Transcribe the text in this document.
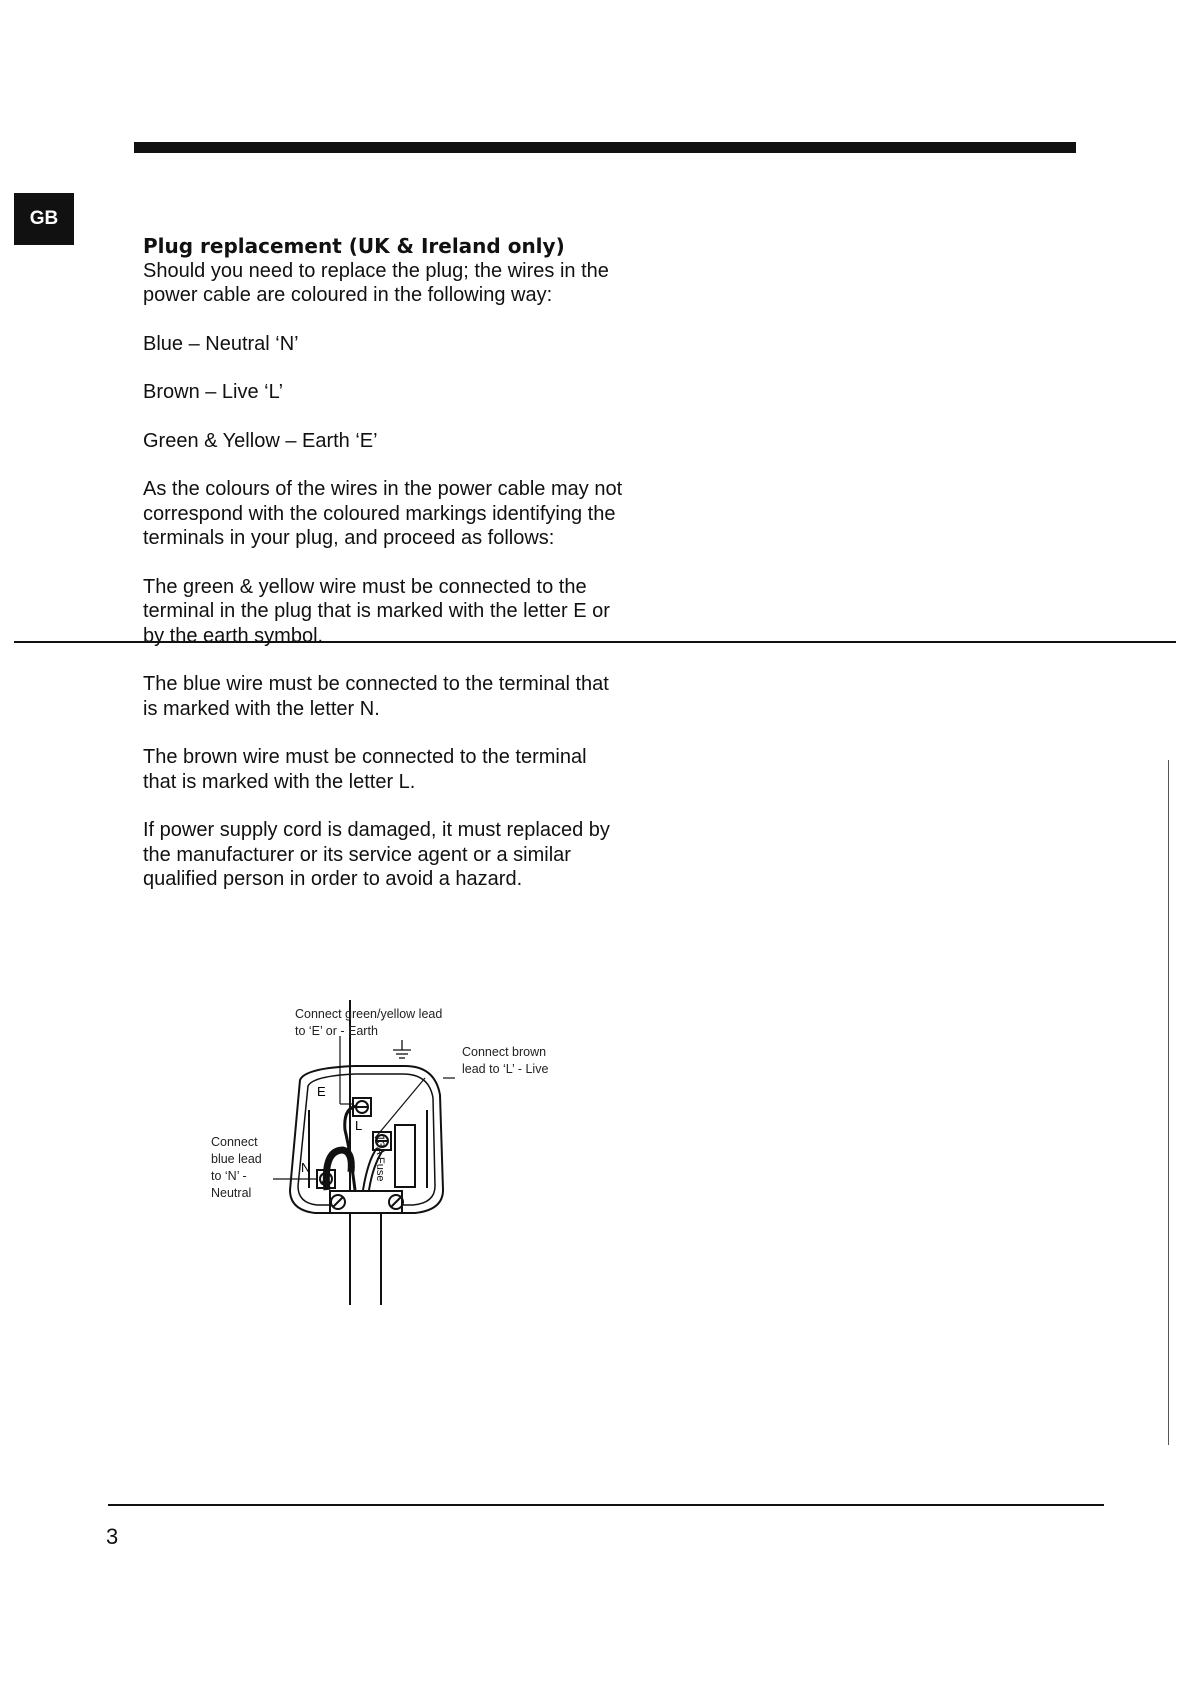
GB

Plug replacement (UK & Ireland only)

Should you need to replace the plug; the wires in the power cable are coloured in the following way:

Blue – Neutral ‘N’

Brown – Live ‘L’

Green & Yellow – Earth ‘E’

As the colours of the wires in the power cable may not correspond with the coloured markings identifying the terminals in your plug, and proceed as follows:

The green & yellow wire must be connected to the terminal in the plug that is marked with the letter E or by the earth symbol.

The blue wire must be connected to the terminal that is marked with the letter N.

The brown wire must be connected to the terminal that is marked with the letter L.

If power supply cord is damaged, it must replaced by the manufacturer or its service agent or a similar qualified person in order to avoid a hazard.

E
L
N
Connect green/yellow lead to ‘E’ or - Earth
Connect brown lead to ‘L’ - Live
Connect blue lead to ‘N’ - Neutral
13A Fuse
3
